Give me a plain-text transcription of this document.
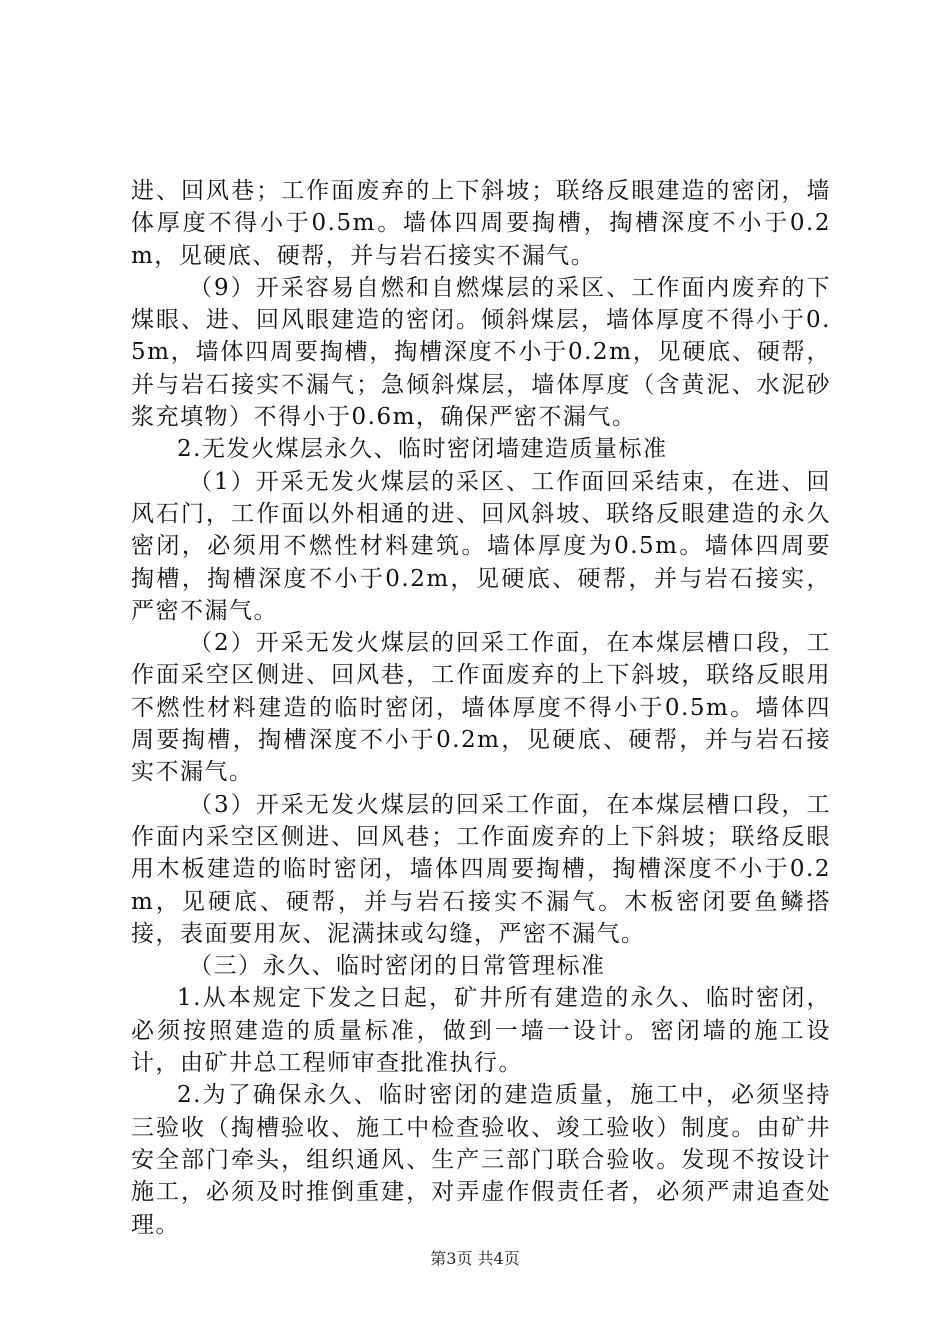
进、回风巷；工作面废弃的上下斜坡；联络反眼建造的密闭，墙体厚度不得小于0.5m。墙体四周要掏槽，掏槽深度不小于0.2m，见硬底、硬帮，并与岩石接实不漏气。

（9）开采容易自燃和自燃煤层的采区、工作面内废弃的下煤眼、进、回风眼建造的密闭。倾斜煤层，墙体厚度不得小于0.5m，墙体四周要掏槽，掏槽深度不小于0.2m，见硬底、硬帮，并与岩石接实不漏气；急倾斜煤层，墙体厚度（含黄泥、水泥砂浆充填物）不得小于0.6m，确保严密不漏气。

2.无发火煤层永久、临时密闭墙建造质量标准

（1）开采无发火煤层的采区、工作面回采结束，在进、回风石门，工作面以外相通的进、回风斜坡、联络反眼建造的永久密闭，必须用不燃性材料建筑。墙体厚度为0.5m。墙体四周要掏槽，掏槽深度不小于0.2m，见硬底、硬帮，并与岩石接实，严密不漏气。

（2）开采无发火煤层的回采工作面，在本煤层槽口段，工作面采空区侧进、回风巷，工作面废弃的上下斜坡，联络反眼用不燃性材料建造的临时密闭，墙体厚度不得小于0.5m。墙体四周要掏槽，掏槽深度不小于0.2m，见硬底、硬帮，并与岩石接实不漏气。

（3）开采无发火煤层的回采工作面，在本煤层槽口段，工作面内采空区侧进、回风巷；工作面废弃的上下斜坡；联络反眼用木板建造的临时密闭，墙体四周要掏槽，掏槽深度不小于0.2m，见硬底、硬帮，并与岩石接实不漏气。木板密闭要鱼鳞搭接，表面要用灰、泥满抹或勾缝，严密不漏气。

（三）永久、临时密闭的日常管理标准

1.从本规定下发之日起，矿井所有建造的永久、临时密闭，必须按照建造的质量标准，做到一墙一设计。密闭墙的施工设计，由矿井总工程师审查批准执行。

2.为了确保永久、临时密闭的建造质量，施工中，必须坚持三验收（掏槽验收、施工中检查验收、竣工验收）制度。由矿井安全部门牵头，组织通风、生产三部门联合验收。发现不按设计施工，必须及时推倒重建，对弄虚作假责任者，必须严肃追查处理。

第3页 共4页
